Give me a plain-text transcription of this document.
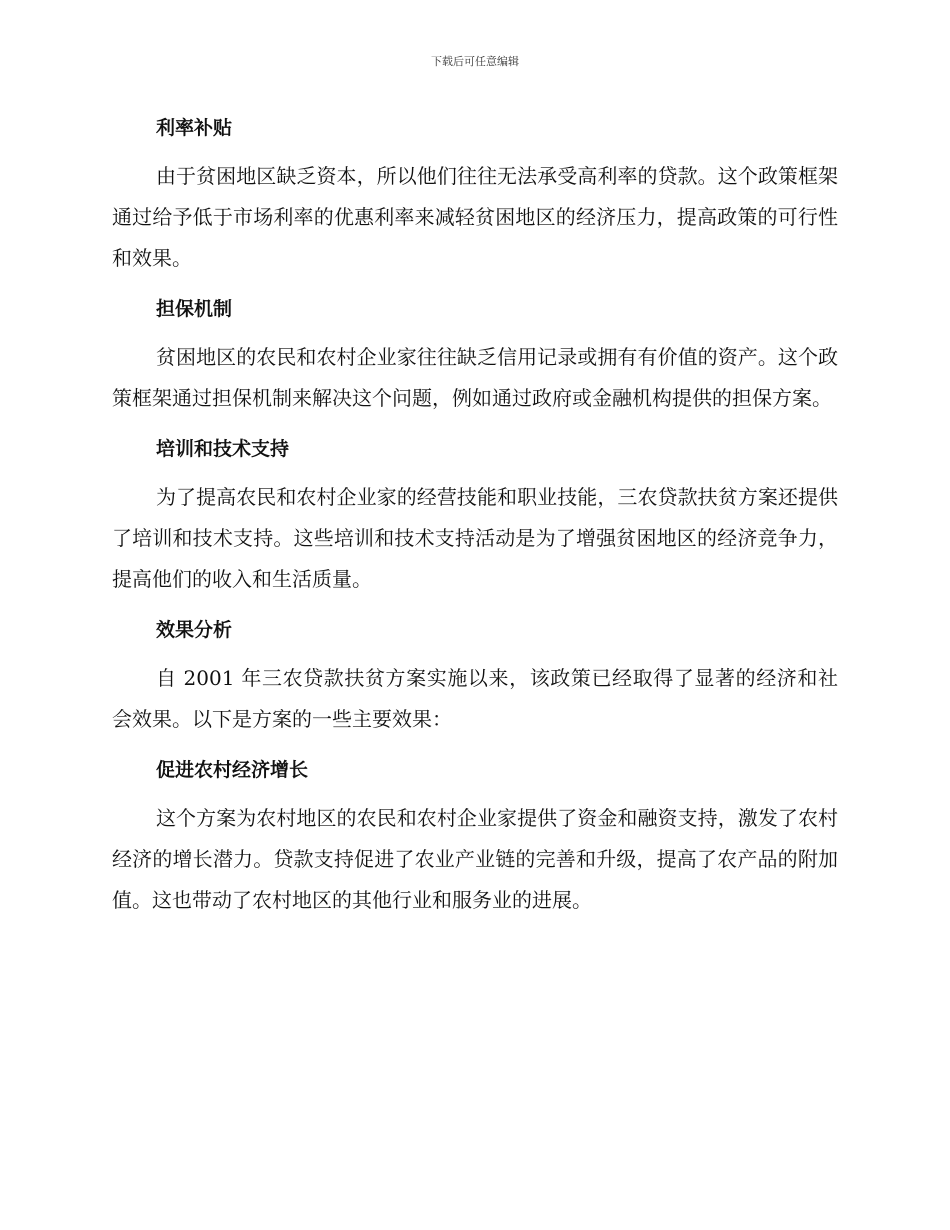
下载后可任意编辑
利率补贴

由于贫困地区缺乏资本，所以他们往往无法承受高利率的贷款。这个政策框架通过给予低于市场利率的优惠利率来减轻贫困地区的经济压力，提高政策的可行性和效果。

担保机制

贫困地区的农民和农村企业家往往缺乏信用记录或拥有有价值的资产。这个政策框架通过担保机制来解决这个问题，例如通过政府或金融机构提供的担保方案。

培训和技术支持

为了提高农民和农村企业家的经营技能和职业技能，三农贷款扶贫方案还提供了培训和技术支持。这些培训和技术支持活动是为了增强贫困地区的经济竞争力，提高他们的收入和生活质量。

效果分析

自 2001 年三农贷款扶贫方案实施以来，该政策已经取得了显著的经济和社会效果。以下是方案的一些主要效果：

促进农村经济增长

这个方案为农村地区的农民和农村企业家提供了资金和融资支持，激发了农村经济的增长潜力。贷款支持促进了农业产业链的完善和升级，提高了农产品的附加值。这也带动了农村地区的其他行业和服务业的进展。
